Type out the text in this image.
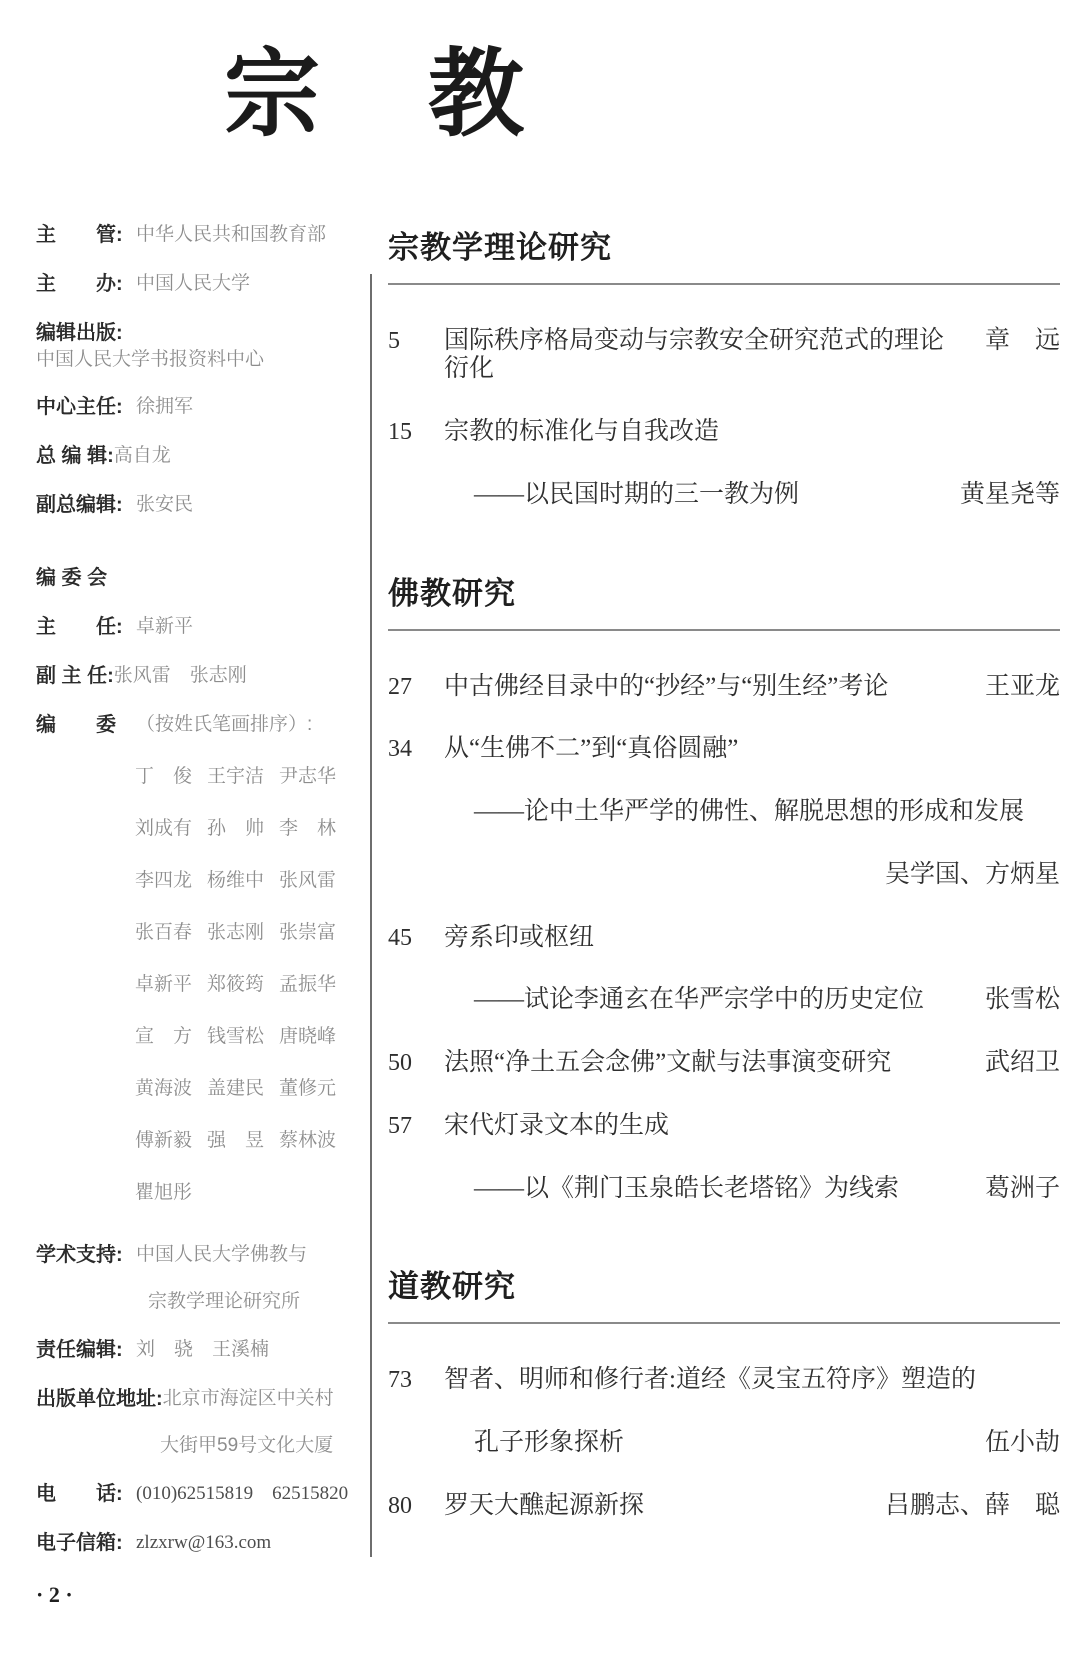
宗　教
主　　管: 中华人民共和国教育部
主　　办: 中国人民大学
编辑出版:中国人民大学书报资料中心
中心主任: 徐拥军
总 编 辑:高自龙
副总编辑: 张安民
编 委 会
主　　任: 卓新平
副 主 任:张风雷　张志刚
编　　委 （按姓氏笔画排序）:
丁　俊 王宇洁 尹志华
刘成有 孙　帅 李　林
李四龙 杨维中 张风雷
张百春 张志刚 张崇富
卓新平 郑筱筠 孟振华
宣　方 钱雪松 唐晓峰
黄海波 盖建民 董修元
傅新毅 强　昱 蔡林波
瞿旭彤
学术支持: 中国人民大学佛教与
宗教学理论研究所
责任编辑: 刘　骁　王溪楠
出版单位地址:北京市海淀区中关村
大街甲59号文化大厦
电　　话: (010)62515819　62515820
电子信箱: zlzxrw@163.com
宗教学理论研究
5	国际秩序格局变动与宗教安全研究范式的理论衍化
章　远
15	宗教的标准化与自我改造
——以民国时期的三一教为例	黄星尧等
佛教研究
27	中古佛经目录中的“抄经”与“别生经”考论	王亚龙
34	从“生佛不二”到“真俗圆融”
——论中土华严学的佛性、解脱思想的形成和发展
吴学国、方炳星
45	旁系印或枢纽
——试论李通玄在华严宗学中的历史定位	张雪松
50	法照“净土五会念佛”文献与法事演变研究	武绍卫
57	宋代灯录文本的生成
——以《荆门玉泉皓长老塔铭》为线索	葛洲子
道教研究
73	智者、明师和修行者:道经《灵宝五符序》塑造的
孔子形象探析	伍小劼
80	罗天大醮起源新探	吕鹏志、薛　聪
· 2 ·
